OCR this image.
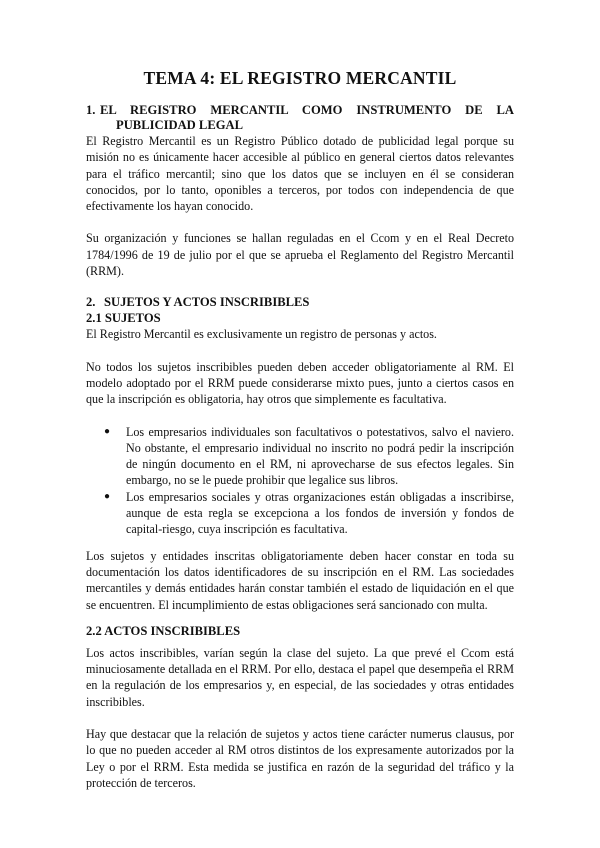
TEMA 4: EL REGISTRO MERCANTIL
1. EL REGISTRO MERCANTIL COMO INSTRUMENTO DE LA
PUBLICIDAD LEGAL

El Registro Mercantil es un Registro Público dotado de publicidad legal porque su misión no es únicamente hacer accesible al público en general ciertos datos relevantes para el tráfico mercantil; sino que los datos que se incluyen en él se consideran conocidos, por lo tanto, oponibles a terceros, por todos con independencia de que efectivamente los hayan conocido.

Su organización y funciones se hallan reguladas en el Ccom y en el Real Decreto 1784/1996 de 19 de julio por el que se aprueba el Reglamento del Registro Mercantil (RRM).

2. SUJETOS Y ACTOS INSCRIBIBLES
2.1 SUJETOS

El Registro Mercantil es exclusivamente un registro de personas y actos.

No todos los sujetos inscribibles pueden deben acceder obligatoriamente al RM. El modelo adoptado por el RRM puede considerarse mixto pues, junto a ciertos casos en que la inscripción es obligatoria, hay otros que simplemente es facultativa.

● Los empresarios individuales son facultativos o potestativos, salvo el naviero. No obstante, el empresario individual no inscrito no podrá pedir la inscripción de ningún documento en el RM, ni aprovecharse de sus efectos legales. Sin embargo, no se le puede prohibir que legalice sus libros.
● Los empresarios sociales y otras organizaciones están obligadas a inscribirse, aunque de esta regla se excepciona a los fondos de inversión y fondos de capital-riesgo, cuya inscripción es facultativa.

Los sujetos y entidades inscritas obligatoriamente deben hacer constar en toda su documentación los datos identificadores de su inscripción en el RM. Las sociedades mercantiles y demás entidades harán constar también el estado de liquidación en el que se encuentren. El incumplimiento de estas obligaciones será sancionado con multa.

2.2 ACTOS INSCRIBIBLES

Los actos inscribibles, varían según la clase del sujeto. La que prevé el Ccom está minuciosamente detallada en el RRM. Por ello, destaca el papel que desempeña el RRM en la regulación de los empresarios y, en especial, de las sociedades y otras entidades inscribibles.

Hay que destacar que la relación de sujetos y actos tiene carácter numerus clausus, por lo que no pueden acceder al RM otros distintos de los expresamente autorizados por la Ley o por el RRM. Esta medida se justifica en razón de la seguridad del tráfico y la protección de terceros.
